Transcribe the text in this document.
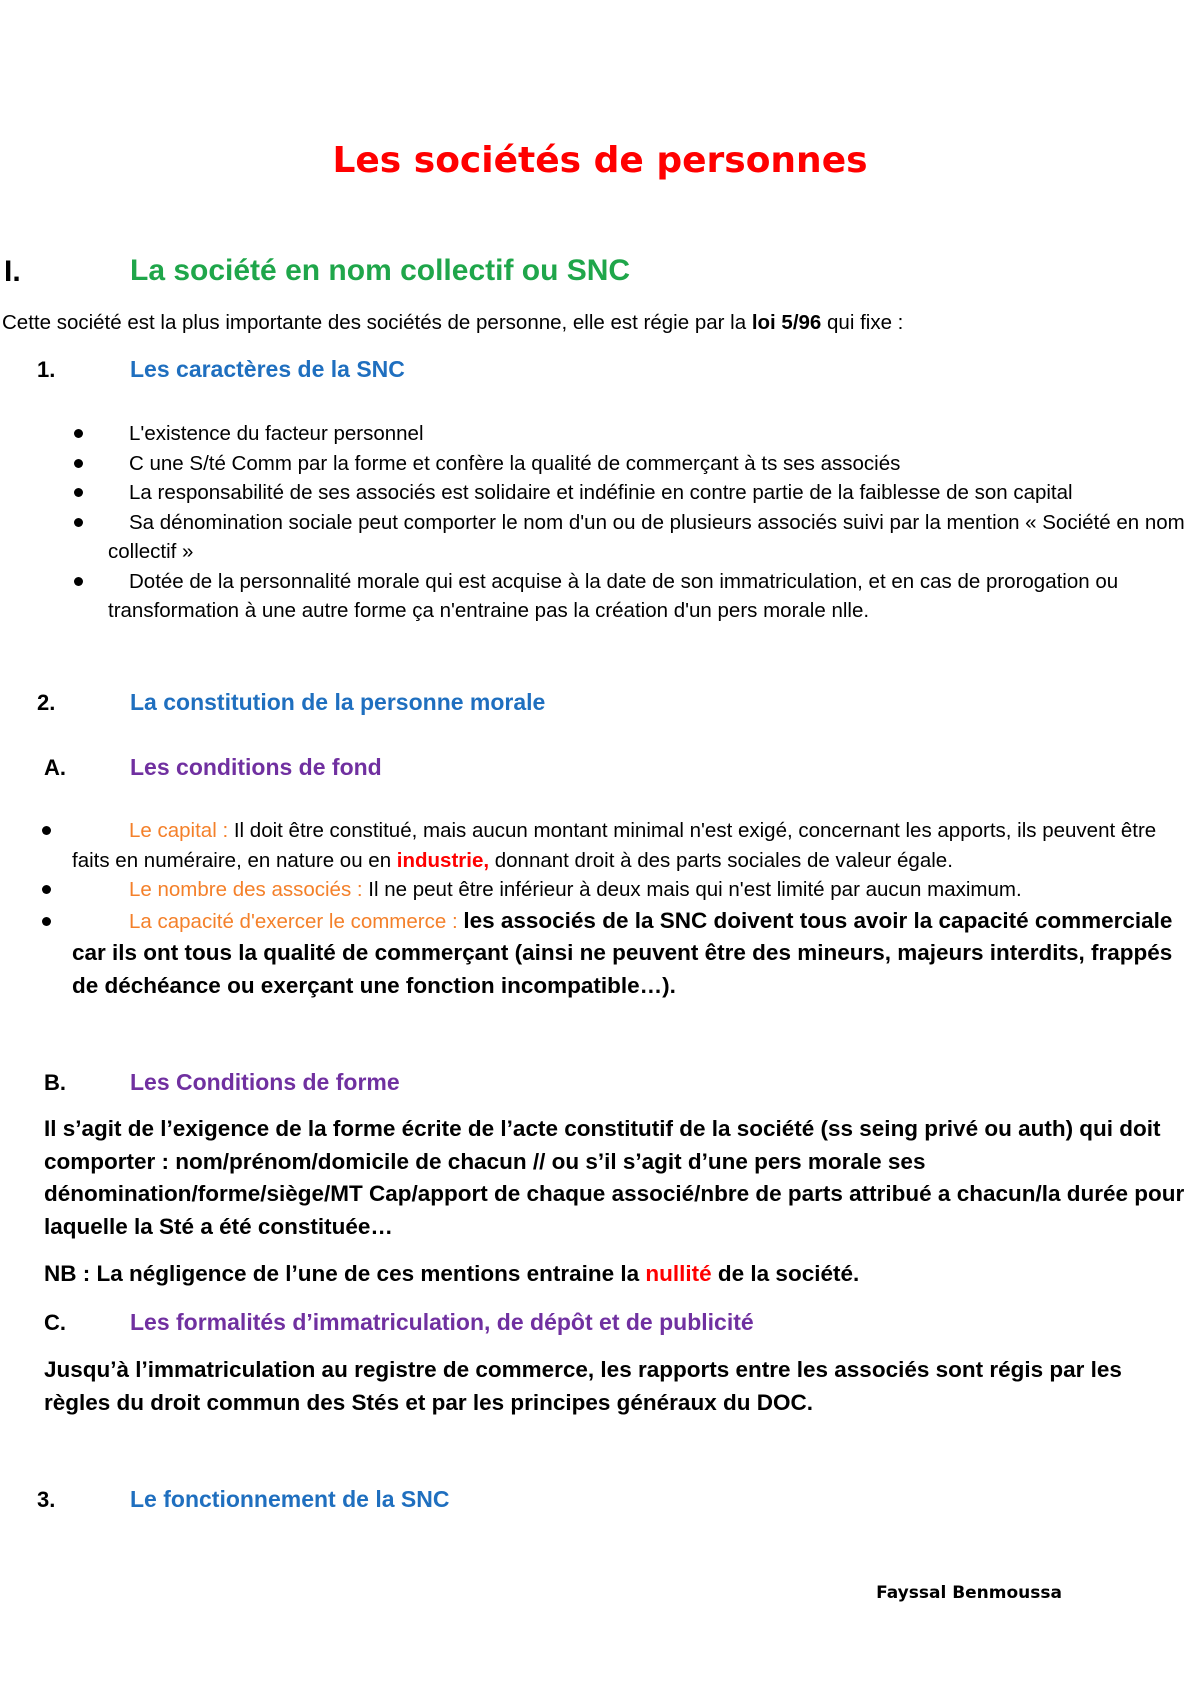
Les sociétés de personnes
I.	La société en nom collectif ou SNC

Cette société est la plus importante des sociétés de personne, elle est régie par la loi 5/96 qui fixe :

1.	Les caractères de la SNC
L'existence du facteur personnel
C une S/té Comm par la forme et confère la qualité de commerçant à ts ses associés
La responsabilité de ses associés est solidaire et indéfinie en contre partie de la faiblesse de son capital
Sa dénomination sociale peut comporter le nom d'un ou de plusieurs associés suivi par la mention « Société en nom collectif »
Dotée de la personnalité morale qui est acquise à la date de son immatriculation, et en cas de prorogation ou transformation à une autre forme ça n'entraine pas la création d'un pers morale nlle.
2.	La constitution de la personne morale
A.	Les conditions de fond
Le capital : Il doit être constitué, mais aucun montant minimal n'est exigé, concernant les apports, ils peuvent être faits en numéraire, en nature ou en industrie, donnant droit à des parts sociales de valeur égale.
Le nombre des associés : Il ne peut être inférieur à deux mais qui n'est limité par aucun maximum.
La capacité d'exercer le commerce : les associés de la SNC doivent tous avoir la capacité commerciale car ils ont tous la qualité de commerçant (ainsi ne peuvent être des mineurs, majeurs interdits, frappés de déchéance ou exerçant une fonction incompatible…).
B.	Les Conditions de forme

Il s’agit de l’exigence de la forme écrite de l’acte constitutif de la société (ss seing privé ou auth) qui doit comporter : nom/prénom/domicile de chacun // ou s’il s’agit d’une pers morale ses dénomination/forme/siège/MT Cap/apport de chaque associé/nbre de parts attribué a chacun/la durée pour laquelle la Sté a été constituée…

NB : La négligence de l’une de ces mentions entraine la nullité de la société.

C.	Les formalités d’immatriculation, de dépôt et de publicité

Jusqu’à l’immatriculation au registre de commerce, les rapports entre les associés sont régis par les règles du droit commun des Stés et par les principes généraux du DOC.

3.	Le fonctionnement de la SNC
Fayssal Benmoussa
